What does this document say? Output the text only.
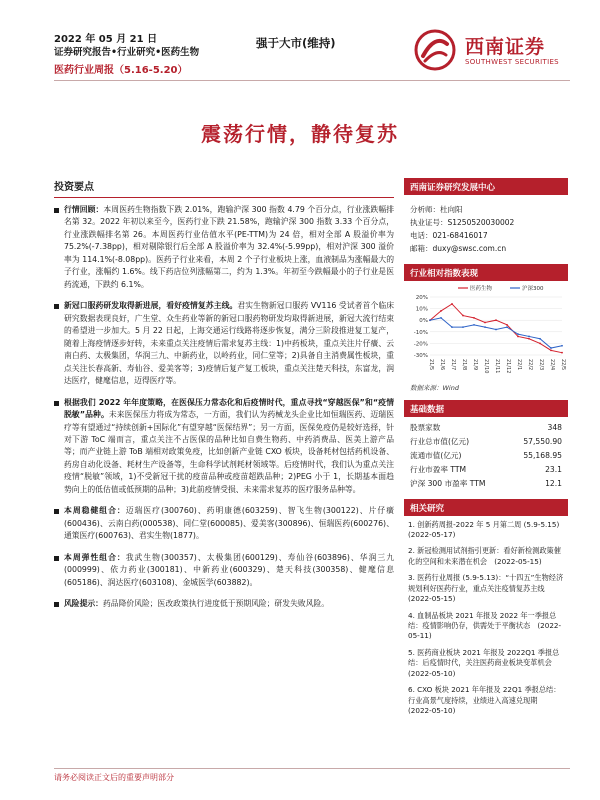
2022 年 05 月 21 日
证券研究报告•行业研究•医药生物
医药行业周报（5.16-5.20）
强于大市(维持)	西南证券
SOUTHWEST SECURITIES
震荡行情，静待复苏
投资要点
行情回顾：本周医药生物指数下跌 2.01%，跑输沪深 300 指数 4.79 个百分点，行业涨跌幅排名第 32。2022 年初以来至今，医药行业下跌 21.58%，跑输沪深 300 指数 3.33 个百分点，行业涨跌幅排名第 26。本周医药行业估值水平(PE-TTM)为 24 倍，相对全部 A 股溢价率为 75.2%(-7.38pp)，相对剔除银行后全部 A 股溢价率为 32.4%(-5.99pp)，相对沪深 300 溢价率为 114.1%(-8.08pp)。医药子行业来看，本周 2 个子行业板块上涨，血液制品为涨幅最大的子行业，涨幅约 1.6%。线下药店位列涨幅第二，约为 1.3%。年初至今跌幅最小的子行业是医药流通，下跌约 6.1%。
新冠口服药研发取得新进展，看好疫情复苏主线。君实生物新冠口服药 VV116 受试者首个临床研究数据表现良好，广生堂、众生药业等新的新冠口服药物研发均取得新进展，新冠大流行结束的希望进一步加大。5 月 22 日起，上海交通运行线路将逐步恢复，满分三阶段推进复工复产，随着上海疫情逐步好转，未来重点关注疫情后需求复苏主线：1)中药板块，重点关注片仔癀、云南白药、太极集团，华润三九、中新药业，以岭药业，同仁堂等；2)具备自主消费属性板块，重点关注长春高新、寿仙谷、爱美客等；3)疫情后复产复工板块，重点关注楚天科技，东富龙，润达医疗，健麾信息，迈得医疗等。
根据我们 2022 年年度策略，在医保压力常态化和后疫情时代，重点寻找“穿越医保”和“疫情脱敏”品种。未来医保压力将成为常态，一方面，我们认为药械龙头企业比如恒瑞医药、迈瑞医疗等有望通过“持续创新+国际化”有望穿越“医保结界”；另一方面，医保免疫仍是较好选择，针对下游 ToC 端而言，重点关注不占医保的品种比如自费生物药、中药消费品、医美上游产品等；而产业链上游 ToB 端相对政策免疫，比如创新产业链 CXO 板块，设备耗材包括药机设备、药房自动化设备、耗材生产设备等，生命科学试剂耗材领域等。后疫情时代，我们认为重点关注疫情“脱敏”领域，1)不受新冠干扰的疫苗品种或疫苗超跌品种；2)PEG 小于 1，长期基本面趋势向上的低估值或低预期的品种；3)此前疫情受损、未来需求复苏的医疗服务品种等。
本周稳健组合：迈瑞医疗(300760)、药明康德(603259)、智飞生物(300122)、片仔癀(600436)、云南白药(000538)、同仁堂(600085)、爱美客(300896)、恒瑞医药(600276)、通策医疗(600763)、君实生物(1877)。
本周弹性组合：我武生物(300357)、太极集团(600129)、寿仙谷(603896)、华润三九(000999)、依力药业(300181)、中新药业(600329)、楚天科技(300358)、健麾信息(605186)、润达医疗(603108)、金城医学(603882)。
风险提示：药品降价风险；医改政策执行进度低于预期风险；研发失败风险。
西南证券研究发展中心
分析师：杜向阳
执业证号：S1250520030002
电话：021-68416017
邮箱：duxy@swsc.com.cn
行业相对指数表现
20%
10%
0%
-10%
-20%
-30%
21/5 21/6 21/7 21/8 21/9 21/10 21/11 21/12 22/1 22/2 22/3 22/4 22/5
医药生物	沪深300
数据来源：Wind
基础数据
股票家数	348
行业总市值(亿元)	57,550.90
流通市值(亿元)	55,168.95
行业市盈率 TTM	23.1
沪深 300 市盈率 TTM	12.1
相关研究
1. 创新药周报-2022 年 5 月第二周 (5.9-5.15)　(2022-05-17)
2. 新冠检测用试剂指引更新：看好新检测政策催化的空间和未来潜在机会　(2022-05-15)
3. 医药行业周报 (5.9-5.13)：“十四五”生物经济规划利好医药行业，重点关注疫情复苏主线　(2022-05-15)
4. 血制品板块 2021 年报及 2022 年一季报总结：疫情影响仍存，供需处于平衡状态　(2022-05-11)
5. 医药商业板块 2021 年报及 2022Q1 季报总结：后疫情时代，关注医药商业板块变革机会　(2022-05-10)
6. CXO 板块 2021 年年报及 22Q1 季报总结：行业高景气度持续，业绩进入高速兑现期　(2022-05-10)
请务必阅读正文后的重要声明部分
